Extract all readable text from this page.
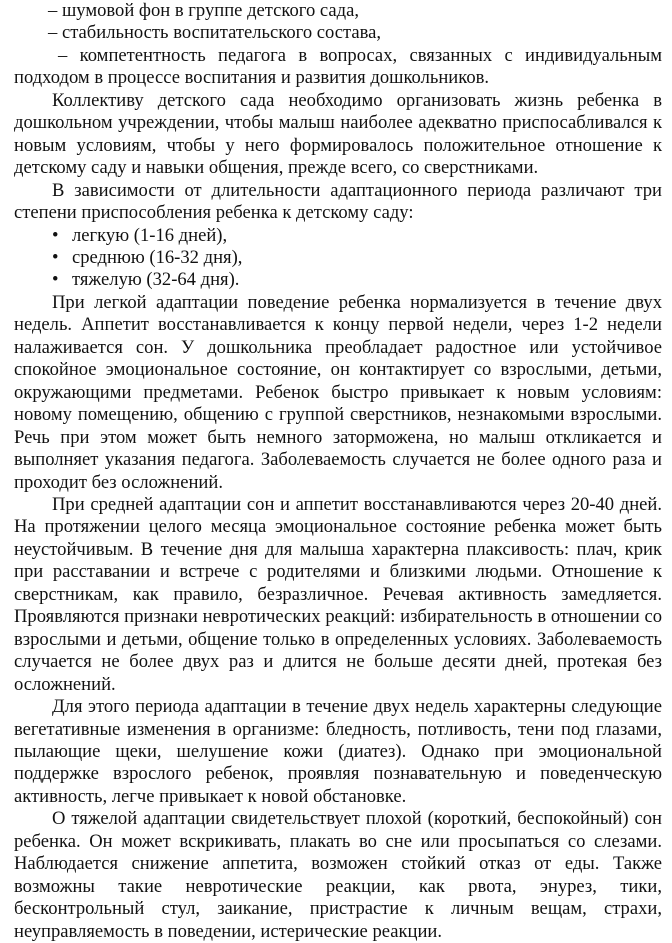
– шумовой фон в группе детского сада,

– стабильность воспитательского состава,

– компетентность педагога в вопросах, связанных с индивидуальным подходом в процессе воспитания и развития дошкольников.

Коллективу детского сада необходимо организовать жизнь ребенка в дошкольном учреждении, чтобы малыш наиболее адекватно приспосабливался к новым условиям, чтобы у него формировалось положительное отношение к детскому саду и навыки общения, прежде всего, со сверстниками.

В зависимости от длительности адаптационного периода различают три степени приспособления ребенка к детскому саду:

• легкую (1-16 дней),
• среднюю (16-32 дня),
• тяжелую (32-64 дня).

При легкой адаптации поведение ребенка нормализуется в течение двух недель. Аппетит восстанавливается к концу первой недели, через 1-2 недели налаживается сон. У дошкольника преобладает радостное или устойчивое спокойное эмоциональное состояние, он контактирует со взрослыми, детьми, окружающими предметами. Ребенок быстро привыкает к новым условиям: новому помещению, общению с группой сверстников, незнакомыми взрослыми. Речь при этом может быть немного заторможена, но малыш откликается и выполняет указания педагога. Заболеваемость случается не более одного раза и проходит без осложнений.

При средней адаптации сон и аппетит восстанавливаются через 20-40 дней. На протяжении целого месяца эмоциональное состояние ребенка может быть неустойчивым. В течение дня для малыша характерна плаксивость: плач, крик при расставании и встрече с родителями и близкими людьми. Отношение к сверстникам, как правило, безразличное. Речевая активность замедляется. Проявляются признаки невротических реакций: избирательность в отношении со взрослыми и детьми, общение только в определенных условиях. Заболеваемость случается не более двух раз и длится не больше десяти дней, протекая без осложнений.

Для этого периода адаптации в течение двух недель характерны следующие вегетативные изменения в организме: бледность, потливость, тени под глазами, пылающие щеки, шелушение кожи (диатез). Однако при эмоциональной поддержке взрослого ребенок, проявляя познавательную и поведенческую активность, легче привыкает к новой обстановке.

О тяжелой адаптации свидетельствует плохой (короткий, беспокойный) сон ребенка. Он может вскрикивать, плакать во сне или просыпаться со слезами. Наблюдается снижение аппетита, возможен стойкий отказ от еды. Также возможны такие невротические реакции, как рвота, энурез, тики, бесконтрольный стул, заикание, пристрастие к личным вещам, страхи, неуправляемость в поведении, истерические реакции.
